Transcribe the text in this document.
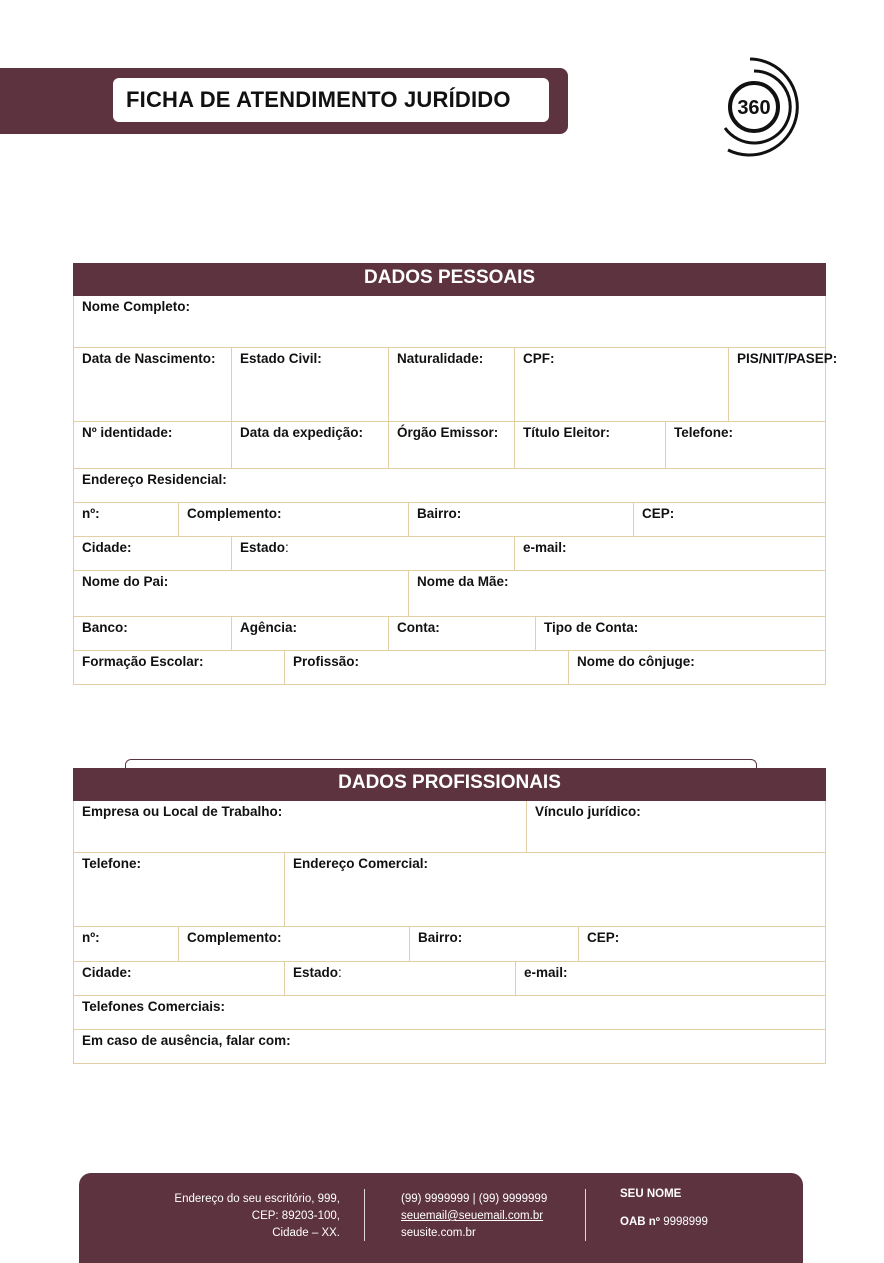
FICHA DE ATENDIMENTO JURÍDIDO	360
DADOS PESSOAIS											
Nome Completo:											
Data de Nascimento:		Estado Civil:		Naturalidade:		CPF:					PIS/NIT/PASEP:
Nº identidade:		Data da expedição:		Órgão Emissor:		Título Eleitor:				Telefone:	
Endereço Residencial:											
nº:	Complemento:				Bairro:				CEP:		
Cidade:		Estado:				e-mail:					
Nome do Pai:					Nome da Mãe:						
Banco:		Agência:		Conta:			Tipo de Conta:				
Formação Escolar:			Profissão:					Nome do cônjuge:			
DADOS PROFISSIONAIS						
Empresa ou Local de Trabalho:					Vínculo jurídico:	
Telefone:		Endereço Comercial:				
nº:	Complemento:		Bairro:			CEP:
Cidade:		Estado:		e-mail:		
Telefones Comerciais:						
Em caso de ausência, falar com:						
Endereço do seu escritório, 999,
CEP: 89203-100,
Cidade – XX.
(99) 9999999 | (99) 9999999
seuemail@seuemail.com.br
seusite.com.br
SEU NOME
OAB nº 9998999
